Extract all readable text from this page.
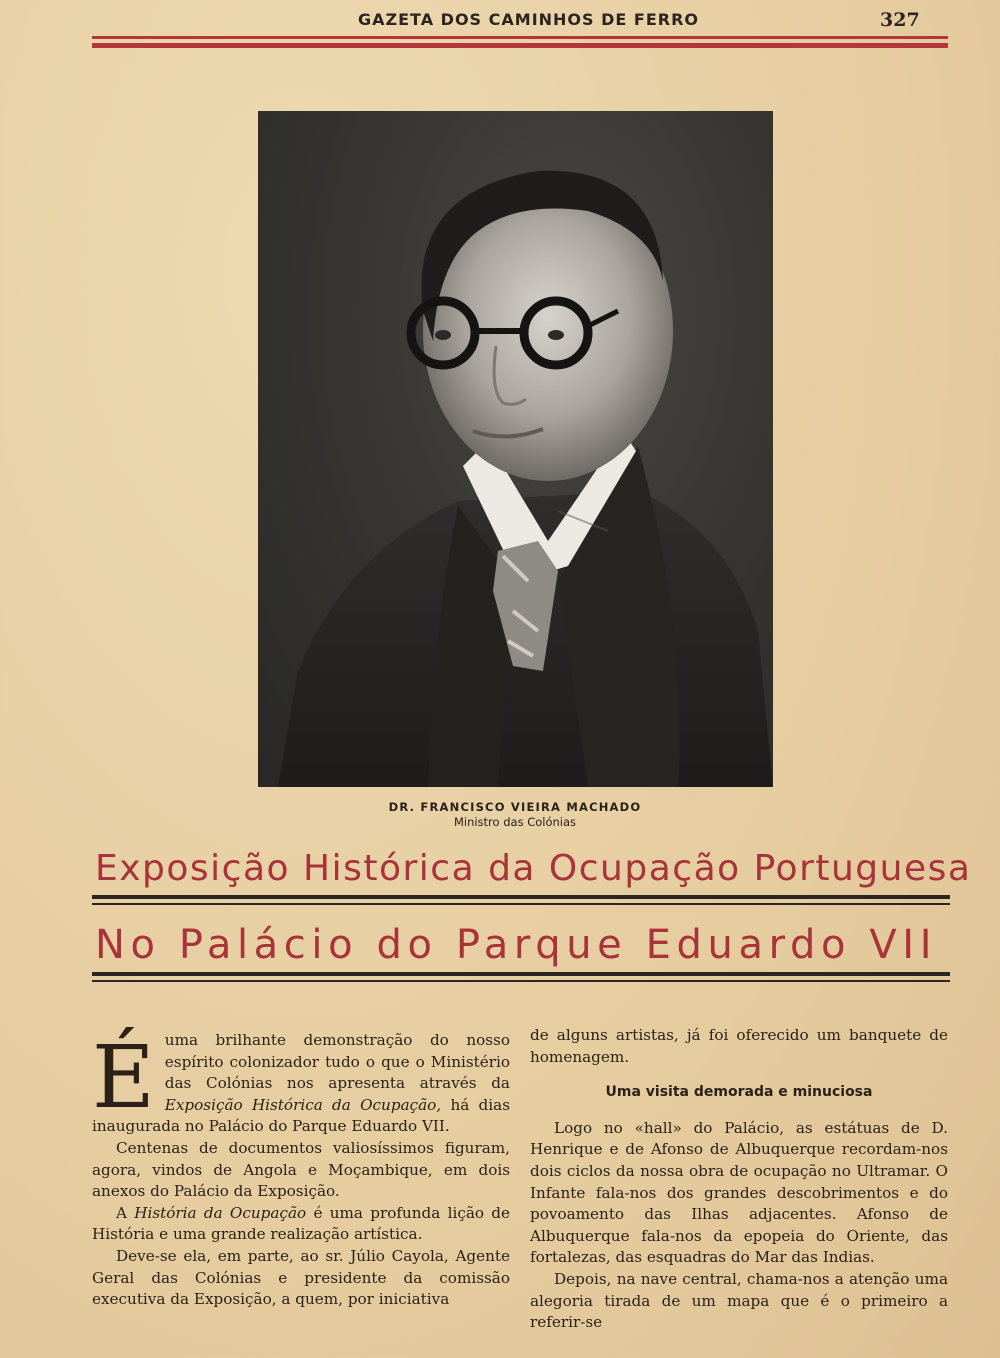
GAZETA DOS CAMINHOS DE FERRO	327
DR. FRANCISCO VIEIRA MACHADO
Ministro das Colónias
Exposição Histórica da Ocupação Portuguesa
No Palácio do Parque Eduardo VII

É uma brilhante demonstração do nosso espírito colonizador tudo o que o Ministério das Colónias nos apresenta através da Exposição Histórica da Ocupação, há dias inaugurada no Palácio do Parque Eduardo VII.

Centenas de documentos valiosíssimos figuram, agora, vindos de Angola e Moçambique, em dois anexos do Palácio da Exposição.

A História da Ocupação é uma profunda lição de História e uma grande realização artística.

Deve-se ela, em parte, ao sr. Júlio Cayola, Agente Geral das Colónias e presidente da comissão executiva da Exposição, a quem, por iniciativa

de alguns artistas, já foi oferecido um banquete de homenagem.

Uma visita demorada e minuciosa

Logo no «hall» do Palácio, as estátuas de D. Henrique e de Afonso de Albuquerque recordam-nos dois ciclos da nossa obra de ocupação no Ultramar. O Infante fala-nos dos grandes descobrimentos e do povoamento das Ilhas adjacentes. Afonso de Albuquerque fala-nos da epopeia do Oriente, das fortalezas, das esquadras do Mar das Indias.

Depois, na nave central, chama-nos a atenção uma alegoria tirada de um mapa que é o primeiro a referir-se
